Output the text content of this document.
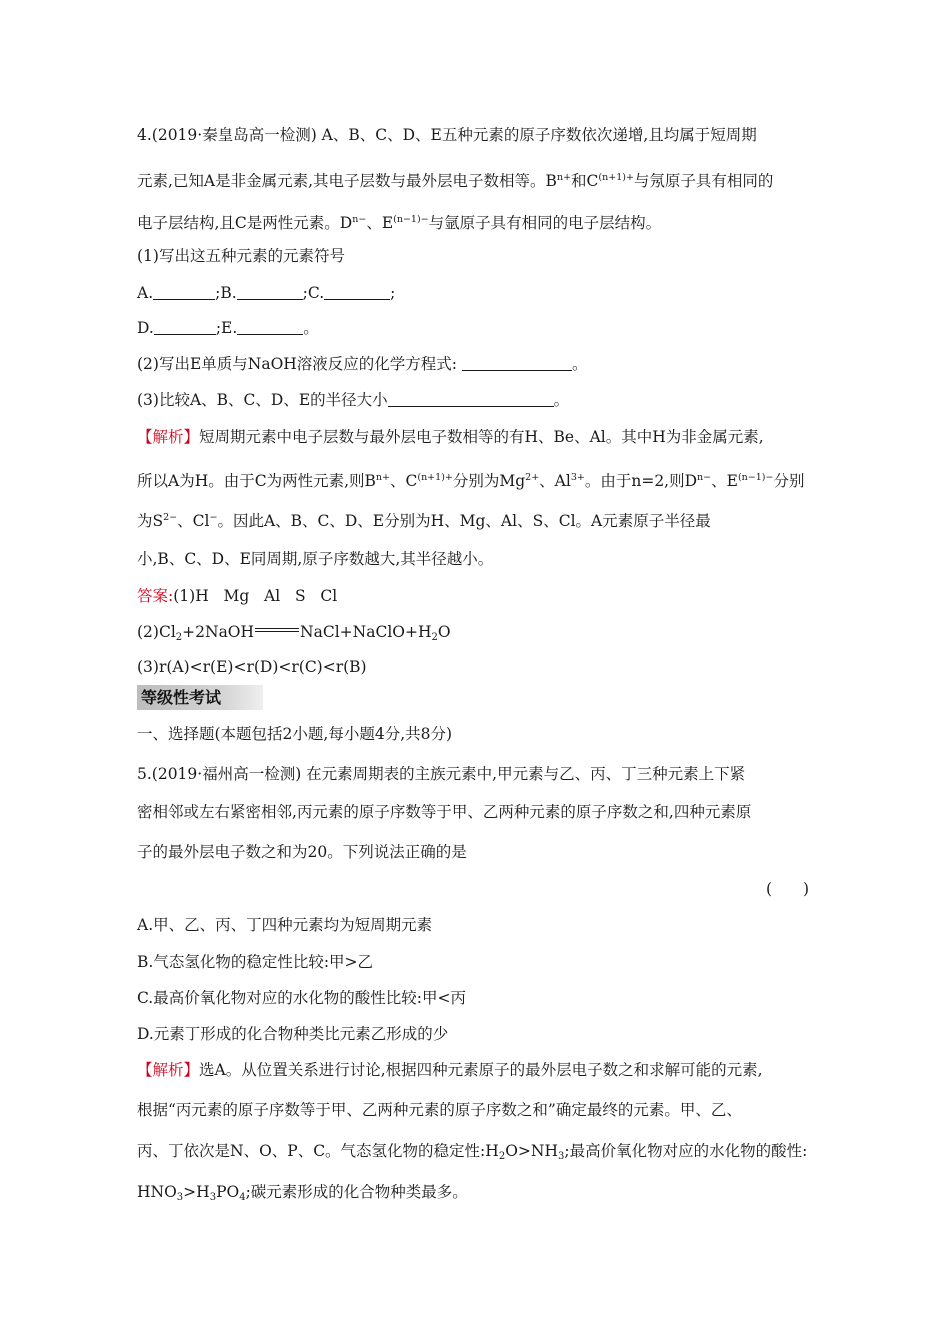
4.(2019·秦皇岛高一检测) A、B、C、D、E五种元素的原子序数依次递增,且均属于短周期
元素,已知A是非金属元素,其电子层数与最外层电子数相等。$B^{n+}$和$C^{(n+1)+}$与氖原子具有相同的
电子层结构,且C是两性元素。$D^{n-}$、$E^{(n-1)-}$与氩原子具有相同的电子层结构。
(1)写出这五种元素的元素符号
A.	;B.	;C.	;
D.	;E.	。
(2)写出E单质与NaOH溶液反应的化学方程式:	。
(3)比较A、B、C、D、E的半径大小	。
【解析】短周期元素中电子层数与最外层电子数相等的有H、Be、Al。其中H为非金属元素,
所以A为H。由于C为两性元素,则$B^{n+}$、$C^{(n+1)+}$分别为$Mg^{2+}$、$Al^{3+}$。由于n=2,则$D^{n-}$、$E^{(n-1)-}$分别
为$S^{2-}$、Cl−。因此A、B、C、D、E分别为H、Mg、Al、S、Cl。A元素原子半径最
小,B、C、D、E同周期,原子序数越大,其半径越小。
答案:(1)H   Mg   Al   S   Cl
$(2)Cl_2+2NaOH$	$NaCl+NaClO+H_2O$
(3)r(A)<r(E)<r(D)<r(C)<r(B)
等级性考试
一、选择题(本题包括2小题,每小题4分,共8分)
5.(2019·福州高一检测) 在元素周期表的主族元素中,甲元素与乙、丙、丁三种元素上下紧
密相邻或左右紧密相邻,丙元素的原子序数等于甲、乙两种元素的原子序数之和,四种元素原
子的最外层电子数之和为20。下列说法正确的是
(　　)
A.甲、乙、丙、丁四种元素均为短周期元素
B.气态氢化物的稳定性比较:甲>乙
C.最高价氧化物对应的水化物的酸性比较:甲<丙
D.元素丁形成的化合物种类比元素乙形成的少
【解析】选A。从位置关系进行讨论,根据四种元素原子的最外层电子数之和求解可能的元素,
根据“丙元素的原子序数等于甲、乙两种元素的原子序数之和”确定最终的元素。甲、乙、
丙、丁依次是N、O、P、C。气态氢化物的稳定性$:H_2O>NH_3$;最高价氧化物对应的水化物的酸性:
$HNO_3>H_3PO_4$;碳元素形成的化合物种类最多。
